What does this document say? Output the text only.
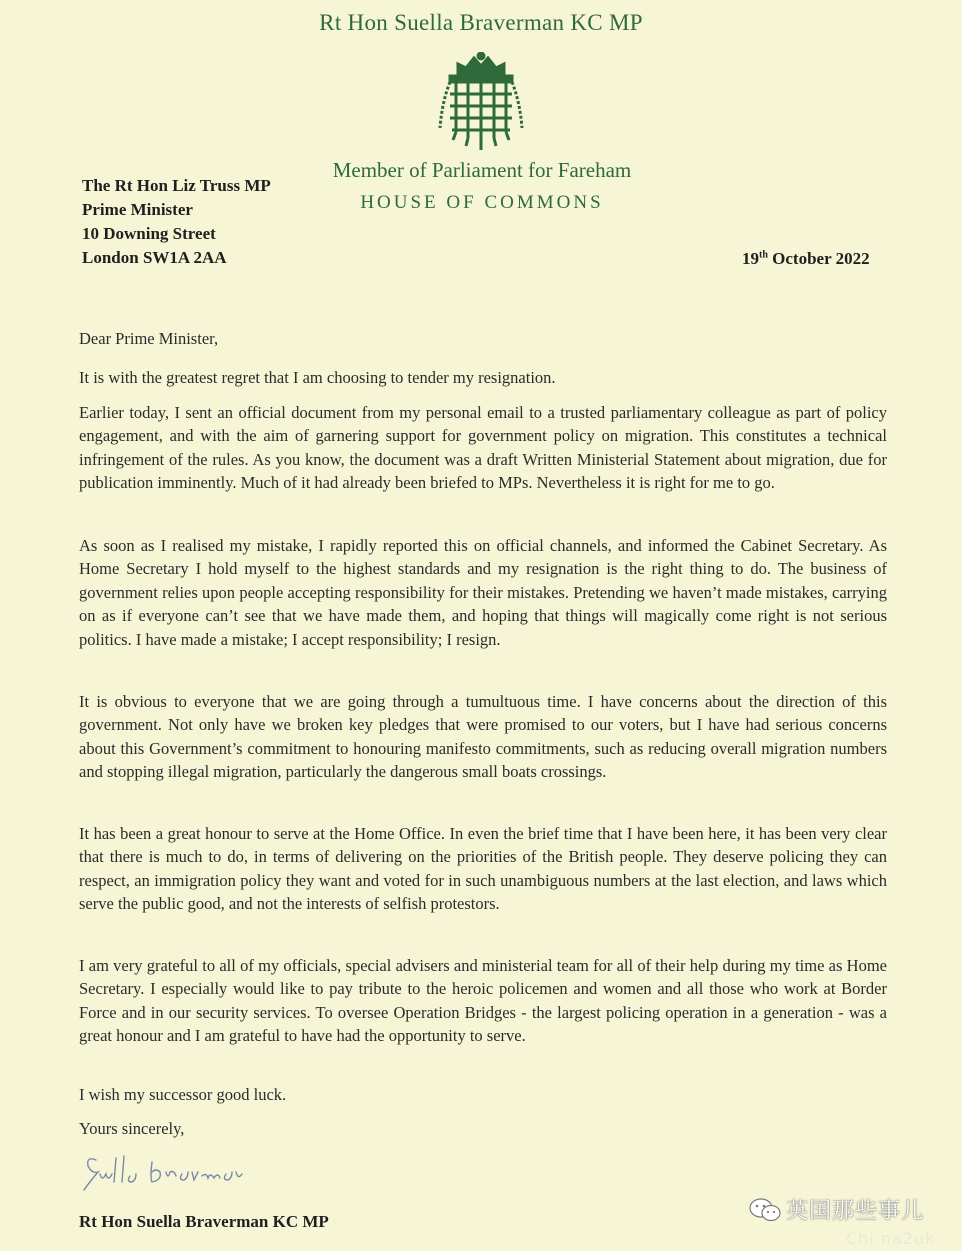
Rt Hon Suella Braverman KC MP
Member of Parliament for Fareham
HOUSE OF COMMONS
The Rt Hon Liz Truss MP
Prime Minister
10 Downing Street
London SW1A 2AA	19th October 2022
Dear Prime Minister,
It is with the greatest regret that I am choosing to tender my resignation.
Earlier today, I sent an official document from my personal email to a trusted parliamentary colleague as part of policy engagement, and with the aim of garnering support for government policy on migration. This constitutes a technical infringement of the rules. As you know, the document was a draft Written Ministerial Statement about migration, due for publication imminently. Much of it had already been briefed to MPs. Nevertheless it is right for me to go.
As soon as I realised my mistake, I rapidly reported this on official channels, and informed the Cabinet Secretary. As Home Secretary I hold myself to the highest standards and my resignation is the right thing to do. The business of government relies upon people accepting responsibility for their mistakes. Pretending we haven’t made mistakes, carrying on as if everyone can’t see that we have made them, and hoping that things will magically come right is not serious politics. I have made a mistake; I accept responsibility; I resign.
It is obvious to everyone that we are going through a tumultuous time. I have concerns about the direction of this government. Not only have we broken key pledges that were promised to our voters, but I have had serious concerns about this Government’s commitment to honouring manifesto commitments, such as reducing overall migration numbers and stopping illegal migration, particularly the dangerous small boats crossings.
It has been a great honour to serve at the Home Office. In even the brief time that I have been here, it has been very clear that there is much to do, in terms of delivering on the priorities of the British people. They deserve policing they can respect, an immigration policy they want and voted for in such unambiguous numbers at the last election, and laws which serve the public good, and not the interests of selfish protestors.
I am very grateful to all of my officials, special advisers and ministerial team for all of their help during my time as Home Secretary. I especially would like to pay tribute to the heroic policemen and women and all those who work at Border Force and in our security services. To oversee Operation Bridges - the largest policing operation in a generation - was a great honour and I am grateful to have had the opportunity to serve.
I wish my successor good luck.
Yours sincerely,
Rt Hon Suella Braverman KC MP	英国那些事儿
Chi.na2uk
